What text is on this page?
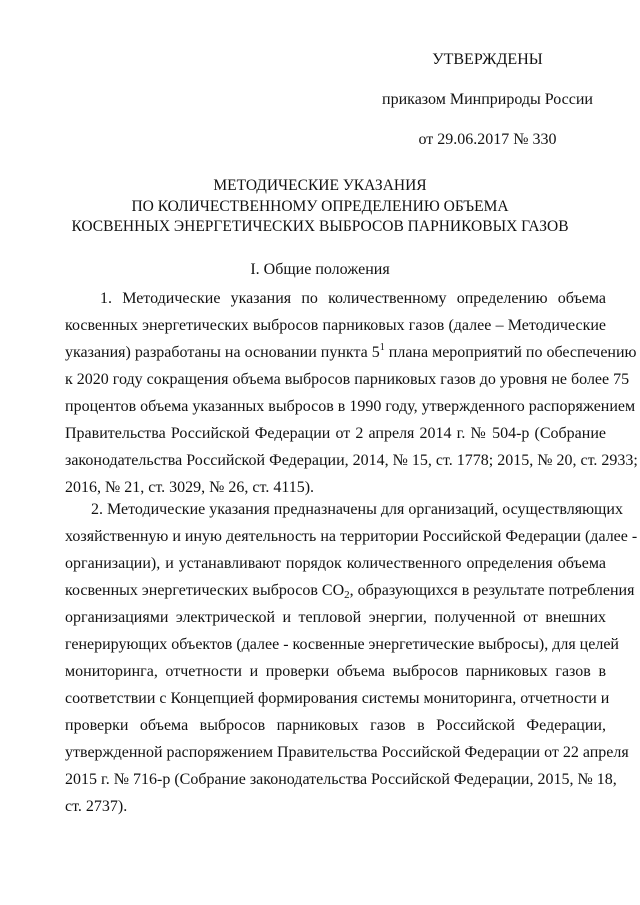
УТВЕРЖДЕНЫ
приказом Минприроды России
от 29.06.2017 № 330
МЕТОДИЧЕСКИЕ УКАЗАНИЯ
ПО КОЛИЧЕСТВЕННОМУ ОПРЕДЕЛЕНИЮ ОБЪЕМА
КОСВЕННЫХ ЭНЕРГЕТИЧЕСКИХ ВЫБРОСОВ ПАРНИКОВЫХ ГАЗОВ
I. Общие положения
1. Методические указания по количественному определению объема
косвенных энергетических выбросов парниковых газов (далее – Методические
указания) разработаны на основании пункта $5^1$ плана мероприятий по обеспечению
к 2020 году сокращения объема выбросов парниковых газов до уровня не более 75
процентов объема указанных выбросов в 1990 году, утвержденного распоряжением
Правительства Российской Федерации от 2 апреля 2014 г. № 504-р (Собрание
законодательства Российской Федерации, 2014, № 15, ст. 1778; 2015, № 20, ст. 2933;
2016, № 21, ст. 3029, № 26, ст. 4115).
2. Методические указания предназначены для организаций, осуществляющих
хозяйственную и иную деятельность на территории Российской Федерации (далее -
организации), и устанавливают порядок количественного определения объема
косвенных энергетических выбросов $CO_2$, образующихся в результате потребления
организациями электрической и тепловой энергии, полученной от внешних
генерирующих объектов (далее - косвенные энергетические выбросы), для целей
мониторинга, отчетности и проверки объема выбросов парниковых газов в
соответствии с Концепцией формирования системы мониторинга, отчетности и
проверки объема выбросов парниковых газов в Российской Федерации,
утвержденной распоряжением Правительства Российской Федерации от 22 апреля
2015 г. № 716-р (Собрание законодательства Российской Федерации, 2015, № 18,
ст. 2737).
